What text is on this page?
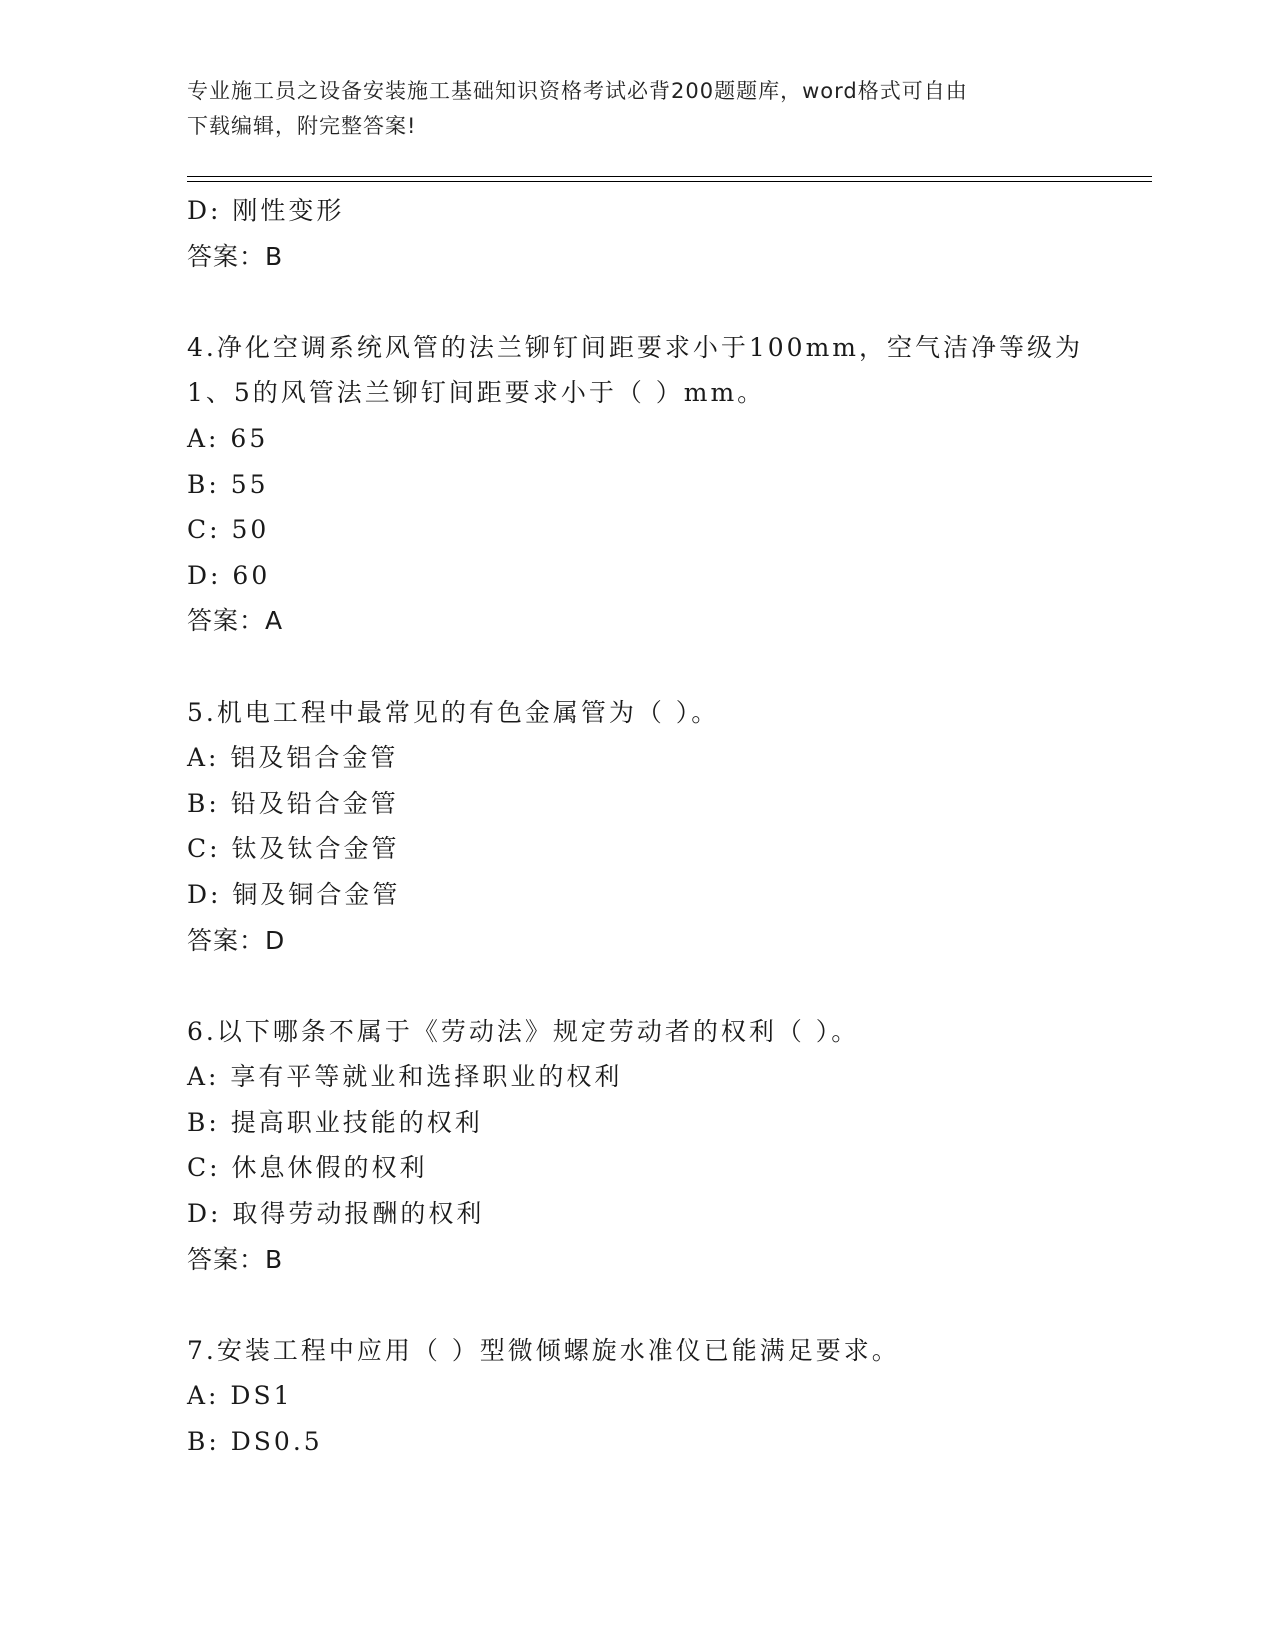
专业施工员之设备安装施工基础知识资格考试必背200题题库，word格式可自由
下载编辑，附完整答案!
D: 刚性变形
答案：B
4.净化空调系统风管的法兰铆钉间距要求小于100mm，空气洁净等级为
1、5的风管法兰铆钉间距要求小于（ ）mm。
A: 65
B: 55
C: 50
D: 60
答案：A
5.机电工程中最常见的有色金属管为（ ）。
A: 铝及铝合金管
B: 铅及铅合金管
C: 钛及钛合金管
D: 铜及铜合金管
答案：D
6.以下哪条不属于《劳动法》规定劳动者的权利（ ）。
A: 享有平等就业和选择职业的权利
B: 提高职业技能的权利
C: 休息休假的权利
D: 取得劳动报酬的权利
答案：B
7.安装工程中应用（ ）型微倾螺旋水准仪已能满足要求。
A: DS1
B: DS0.5
